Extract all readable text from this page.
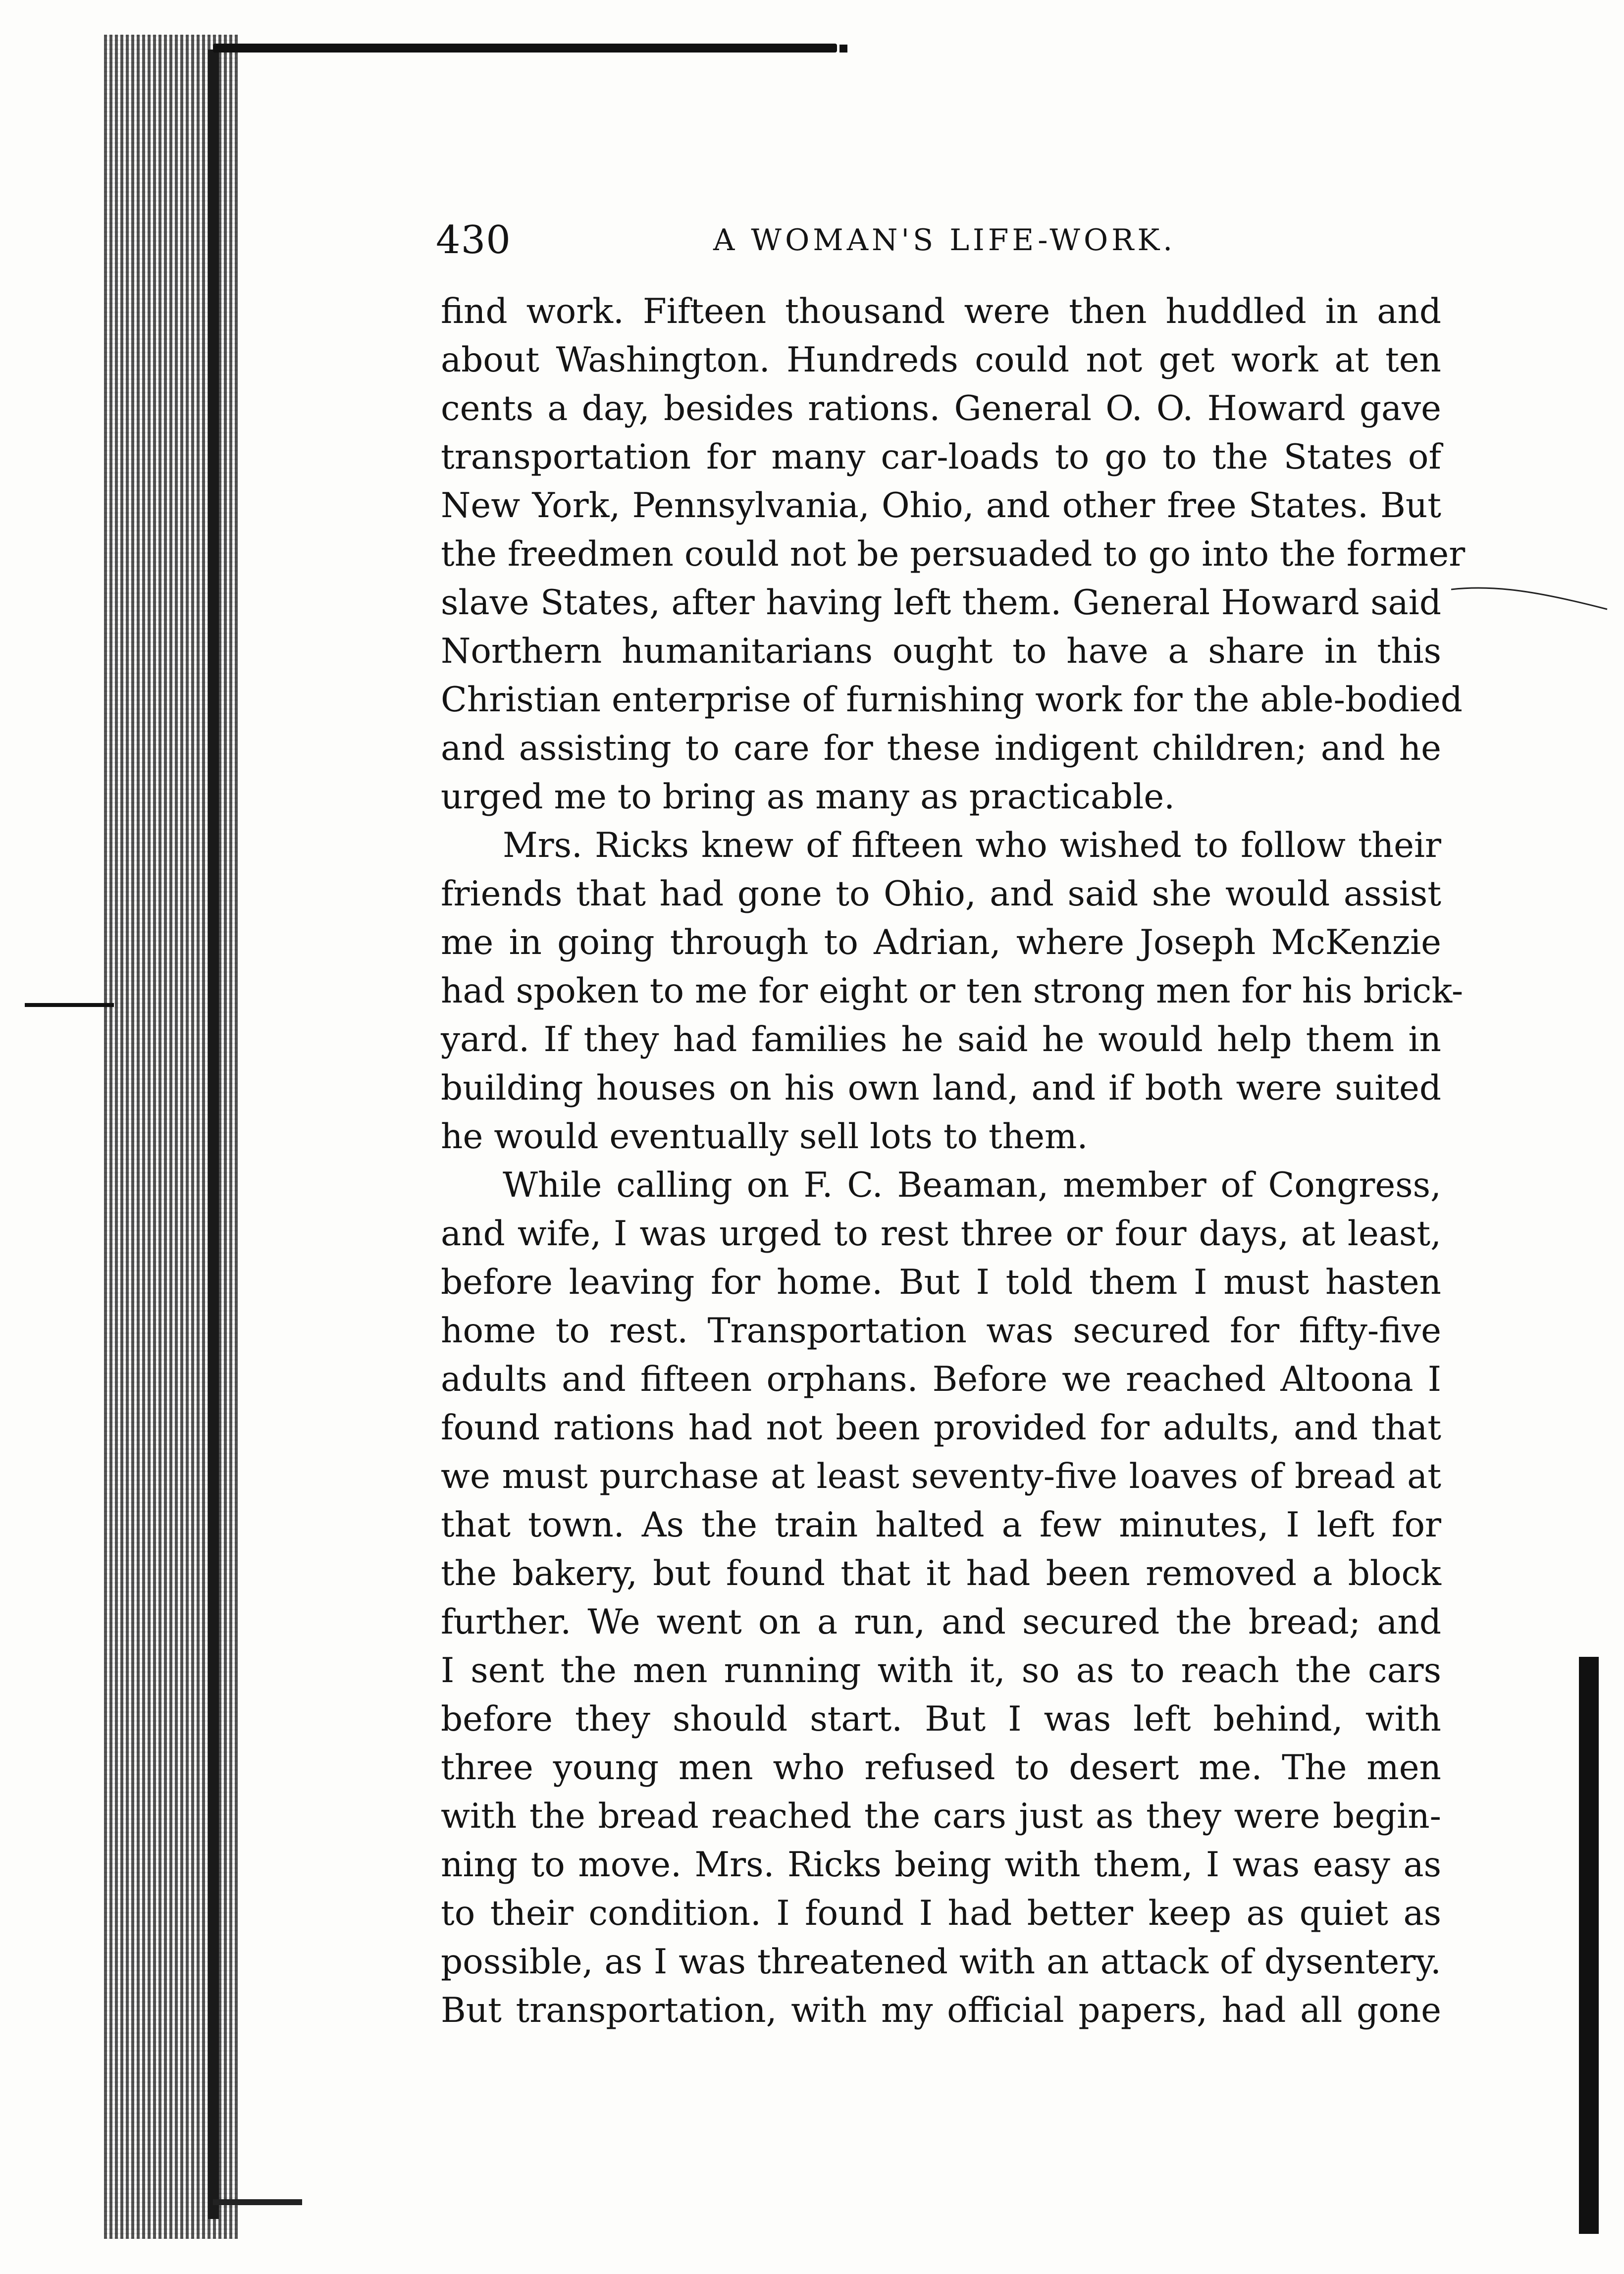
430	A WOMAN'S LIFE-WORK.
find work. Fifteen thousand were then huddled in and
about Washington. Hundreds could not get work at ten
cents a day, besides rations. General O. O. Howard gave
transportation for many car-loads to go to the States of
New York, Pennsylvania, Ohio, and other free States. But
the freedmen could not be persuaded to go into the former
slave States, after having left them. General Howard said
Northern humanitarians ought to have a share in this
Christian enterprise of furnishing work for the able-bodied
and assisting to care for these indigent children; and he
urged me to bring as many as practicable.
Mrs. Ricks knew of fifteen who wished to follow their
friends that had gone to Ohio, and said she would assist
me in going through to Adrian, where Joseph McKenzie
had spoken to me for eight or ten strong men for his brick-
yard. If they had families he said he would help them in
building houses on his own land, and if both were suited
he would eventually sell lots to them.
While calling on F. C. Beaman, member of Congress,
and wife, I was urged to rest three or four days, at least,
before leaving for home. But I told them I must hasten
home to rest. Transportation was secured for fifty-five
adults and fifteen orphans. Before we reached Altoona I
found rations had not been provided for adults, and that
we must purchase at least seventy-five loaves of bread at
that town. As the train halted a few minutes, I left for
the bakery, but found that it had been removed a block
further. We went on a run, and secured the bread; and
I sent the men running with it, so as to reach the cars
before they should start. But I was left behind, with
three young men who refused to desert me. The men
with the bread reached the cars just as they were begin-
ning to move. Mrs. Ricks being with them, I was easy as
to their condition. I found I had better keep as quiet as
possible, as I was threatened with an attack of dysentery.
But transportation, with my official papers, had all gone
